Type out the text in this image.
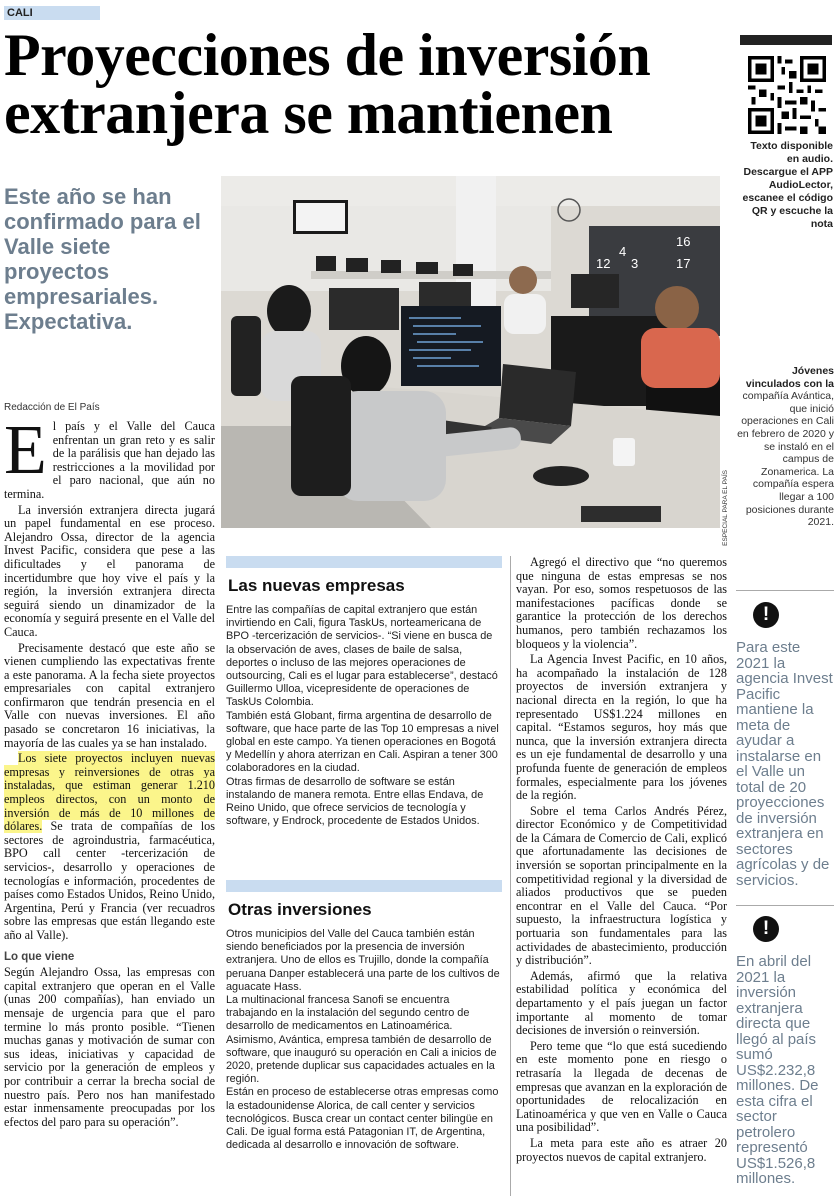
CALI
Proyecciones de inversión extranjera se mantienen	Texto disponible en audio. Descargue el APP AudioLector, escanee el código QR y escuche la nota
Este año se han confirmado para el Valle siete proyectos empresariales. Expectativa.
12 3
16
17
4
ESPECIAL PARA EL PAÍS
Jóvenes vinculados con la compañía Avántica, que inició operaciones en Cali en febrero de 2020 y se instaló en el campus de Zonamerica. La compañía espera llegar a 100 posiciones durante 2021.
Redacción de El País

El país y el Valle del Cauca enfrentan un gran reto y es salir de la parálisis que han dejado las restricciones a la movilidad por el paro nacional, que aún no termina.

La inversión extranjera directa jugará un papel fundamental en ese proceso. Alejandro Ossa, director de la agencia Invest Pacific, considera que pese a las dificultades y el panorama de incertidumbre que hoy vive el país y la región, la inversión extranjera directa seguirá siendo un dinamizador de la economía y seguirá presente en el Valle del Cauca.

Precisamente destacó que este año se vienen cumpliendo las expectativas frente a este panorama. A la fecha siete proyectos empresariales con capital extranjero confirmaron que tendrán presencia en el Valle con nuevas inversiones. El año pasado se concretaron 16 iniciativas, la mayoría de las cuales ya se han instalado.

Los siete proyectos incluyen nuevas empresas y reinversiones de otras ya instaladas, que estiman generar 1.210 empleos directos, con un monto de inversión de más de 10 millones de dólares. Se trata de compañías de los sectores de agroindustria, farmacéutica, BPO call center -tercerización de servicios-, desarrollo y operaciones de tecnologías e información, procedentes de países como Estados Unidos, Reino Unido, Argentina, Perú y Francia (ver recuadros sobre las empresas que están llegando este año al Valle).

Lo que viene

Según Alejandro Ossa, las empresas con capital extranjero que operan en el Valle (unas 200 compañías), han enviado un mensaje de urgencia para que el paro termine lo más pronto posible. “Tienen muchas ganas y motivación de sumar con sus ideas, iniciativas y capacidad de servicio por la generación de empleos y por contribuir a cerrar la brecha social de nuestro país. Pero nos han manifestado estar inmensamente preocupadas por los efectos del paro para su operación”.

Las nuevas empresas

Entre las compañías de capital extranjero que están invirtiendo en Cali, figura TaskUs, norteamericana de BPO -tercerización de servicios-. “Si viene en busca de la observación de aves, clases de baile de salsa, deportes o incluso de las mejores operaciones de outsourcing, Cali es el lugar para establecerse”, destacó Guillermo Ulloa, vicepresidente de operaciones de TaskUs Colombia.

También está Globant, firma argentina de desarrollo de software, que hace parte de las Top 10 empresas a nivel global en este campo. Ya tienen operaciones en Bogotá y Medellín y ahora aterrizan en Cali. Aspiran a tener 300 colaboradores en la ciudad.

Otras firmas de desarrollo de software se están instalando de manera remota. Entre ellas Endava, de Reino Unido, que ofrece servicios de tecnología y software, y Endrock, procedente de Estados Unidos.

Otras inversiones

Otros municipios del Valle del Cauca también están siendo beneficiados por la presencia de inversión extranjera. Uno de ellos es Trujillo, donde la compañía peruana Danper establecerá una parte de los cultivos de aguacate Hass.

La multinacional francesa Sanofi se encuentra trabajando en la instalación del segundo centro de desarrollo de medicamentos en Latinoamérica.

Asimismo, Avántica, empresa también de desarrollo de software, que inauguró su operación en Cali a inicios de 2020, pretende duplicar sus capacidades actuales en la región.

Están en proceso de establecerse otras empresas como la estadounidense Alorica, de call center y servicios tecnológicos. Busca crear un contact center bilingüe en Cali. De igual forma está Patagonian IT, de Argentina, dedicada al desarrollo e innovación de software.

Agregó el directivo que “no queremos que ninguna de estas empresas se nos vayan. Por eso, somos respetuosos de las manifestaciones pacíficas donde se garantice la protección de los derechos humanos, pero también rechazamos los bloqueos y la violencia”.

La Agencia Invest Pacific, en 10 años, ha acompañado la instalación de 128 proyectos de inversión extranjera y nacional directa en la región, lo que ha representado US$1.224 millones en capital. “Estamos seguros, hoy más que nunca, que la inversión extranjera directa es un eje fundamental de desarrollo y una profunda fuente de generación de empleos formales, especialmente para los jóvenes de la región.

Sobre el tema Carlos Andrés Pérez, director Económico y de Competitividad de la Cámara de Comercio de Cali, explicó que afortunadamente las decisiones de inversión se soportan principalmente en la competitividad regional y la diversidad de aliados productivos que se pueden encontrar en el Valle del Cauca. “Por supuesto, la infraestructura logística y portuaria son fundamentales para las actividades de abastecimiento, producción y distribución”.

Además, afirmó que la relativa estabilidad política y económica del departamento y el país juegan un factor importante al momento de tomar decisiones de inversión o reinversión.

Pero teme que “lo que está sucediendo en este momento pone en riesgo o retrasaría la llegada de decenas de empresas que avanzan en la exploración de oportunidades de relocalización en Latinoamérica y que ven en Valle o Cauca una posibilidad”.

La meta para este año es atraer 20 proyectos nuevos de capital extranjero.

!
Para este 2021 la agencia Invest Pacific mantiene la meta de ayudar a instalarse en el Valle un total de 20 proyecciones de inversión extranjera en sectores agrícolas y de servicios.
!
En abril del 2021 la inversión extranjera directa que llegó al país sumó US$2.232,8 millones. De esta cifra el sector petrolero representó US$1.526,8 millones.
